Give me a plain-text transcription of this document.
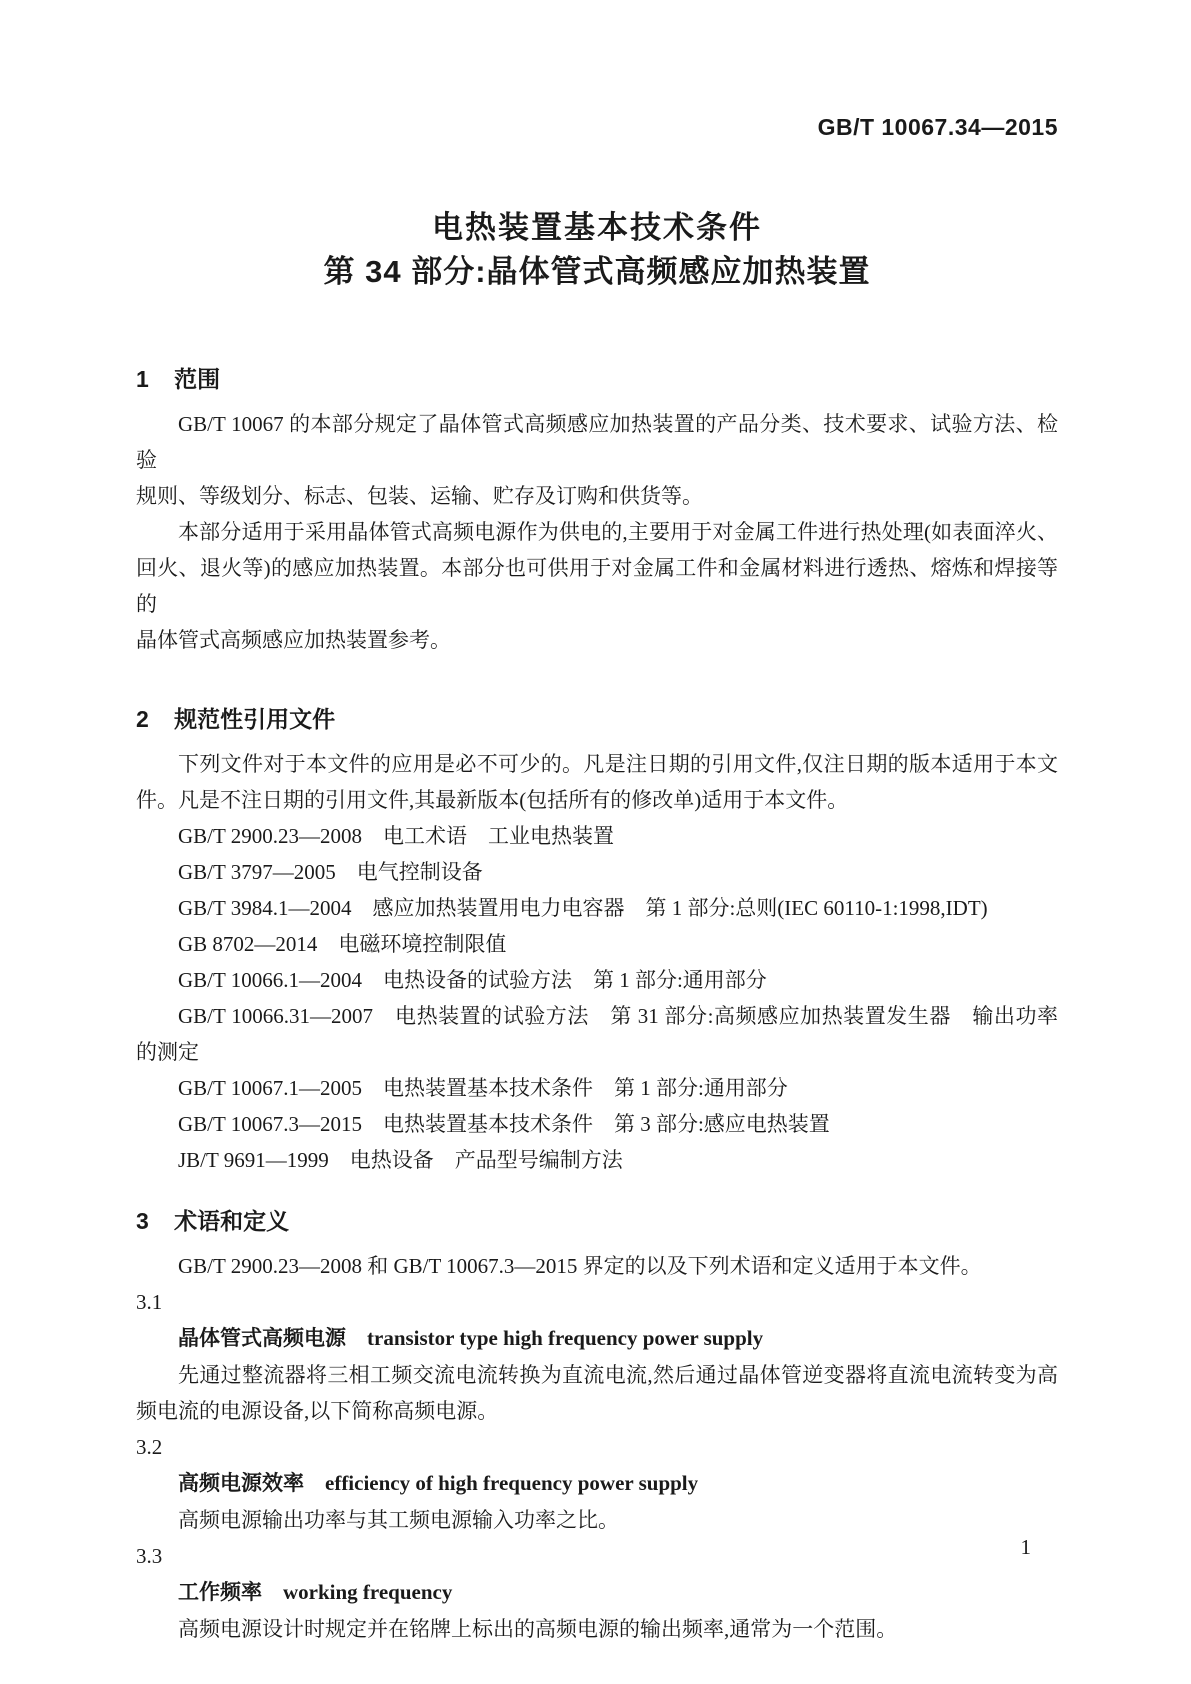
GB/T 10067.34—2015
电热装置基本技术条件
第 34 部分:晶体管式高频感应加热装置
1 范围
GB/T 10067 的本部分规定了晶体管式高频感应加热装置的产品分类、技术要求、试验方法、检验
规则、等级划分、标志、包装、运输、贮存及订购和供货等。
本部分适用于采用晶体管式高频电源作为供电的,主要用于对金属工件进行热处理(如表面淬火、
回火、退火等)的感应加热装置。本部分也可供用于对金属工件和金属材料进行透热、熔炼和焊接等的
晶体管式高频感应加热装置参考。
2 规范性引用文件
下列文件对于本文件的应用是必不可少的。凡是注日期的引用文件,仅注日期的版本适用于本文
件。凡是不注日期的引用文件,其最新版本(包括所有的修改单)适用于本文件。
GB/T 2900.23—2008　电工术语　工业电热装置
GB/T 3797—2005　电气控制设备
GB/T 3984.1—2004　感应加热装置用电力电容器　第 1 部分:总则(IEC 60110-1:1998,IDT)
GB 8702—2014　电磁环境控制限值
GB/T 10066.1—2004　电热设备的试验方法　第 1 部分:通用部分
GB/T 10066.31—2007　电热装置的试验方法　第 31 部分:高频感应加热装置发生器　输出功率
的测定
GB/T 10067.1—2005　电热装置基本技术条件　第 1 部分:通用部分
GB/T 10067.3—2015　电热装置基本技术条件　第 3 部分:感应电热装置
JB/T 9691—1999　电热设备　产品型号编制方法
3 术语和定义
GB/T 2900.23—2008 和 GB/T 10067.3—2015 界定的以及下列术语和定义适用于本文件。
3.1
晶体管式高频电源 transistor type high frequency power supply
先通过整流器将三相工频交流电流转换为直流电流,然后通过晶体管逆变器将直流电流转变为高
频电流的电源设备,以下简称高频电源。
3.2
高频电源效率 efficiency of high frequency power supply
高频电源输出功率与其工频电源输入功率之比。
3.3
工作频率 working frequency
高频电源设计时规定并在铭牌上标出的高频电源的输出频率,通常为一个范围。
1
